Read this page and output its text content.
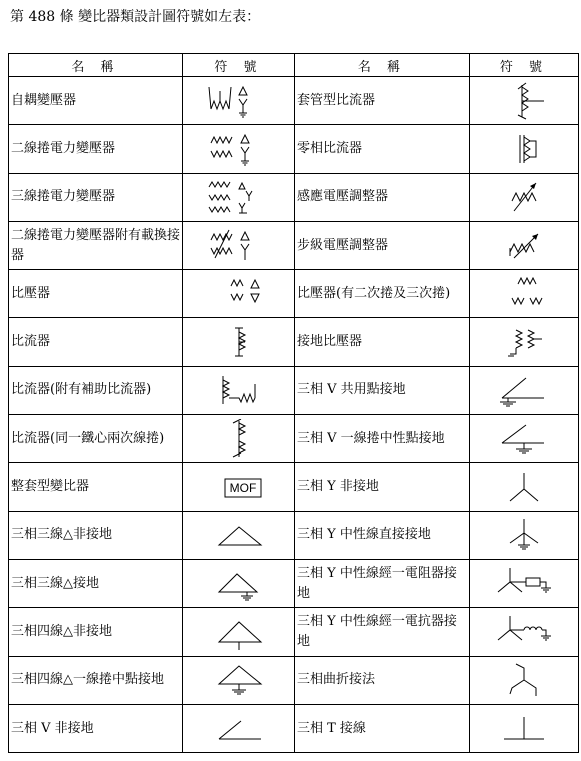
第 488 條 變比器類設計圖符號如左表：
名 稱	符 號	名 稱	符 號
自耦變壓器		套管型比流器	

二線捲電力變壓器		零相比流器	

三線捲電力變壓器		感應電壓調整器	

二線捲電力變壓器附有載換接器		步級電壓調整器	

比壓器		比壓器(有二次捲及三次捲)	

比流器		接地比壓器	

比流器(附有補助比流器)		三相 V 共用點接地	

比流器(同一鐵心兩次線捲)		三相 V 一線捲中性點接地	

整套型變比器	MOF	三相 Y 非接地	

三相三線△非接地		三相 Y 中性線直接接地	

三相三線△接地		三相 Y 中性線經一電阻器接地	

三相四線△非接地		三相 Y 中性線經一電抗器接地	

三相四線△一線捲中點接地		三相曲折接法	

三相 V 非接地		三相 T 接線	
